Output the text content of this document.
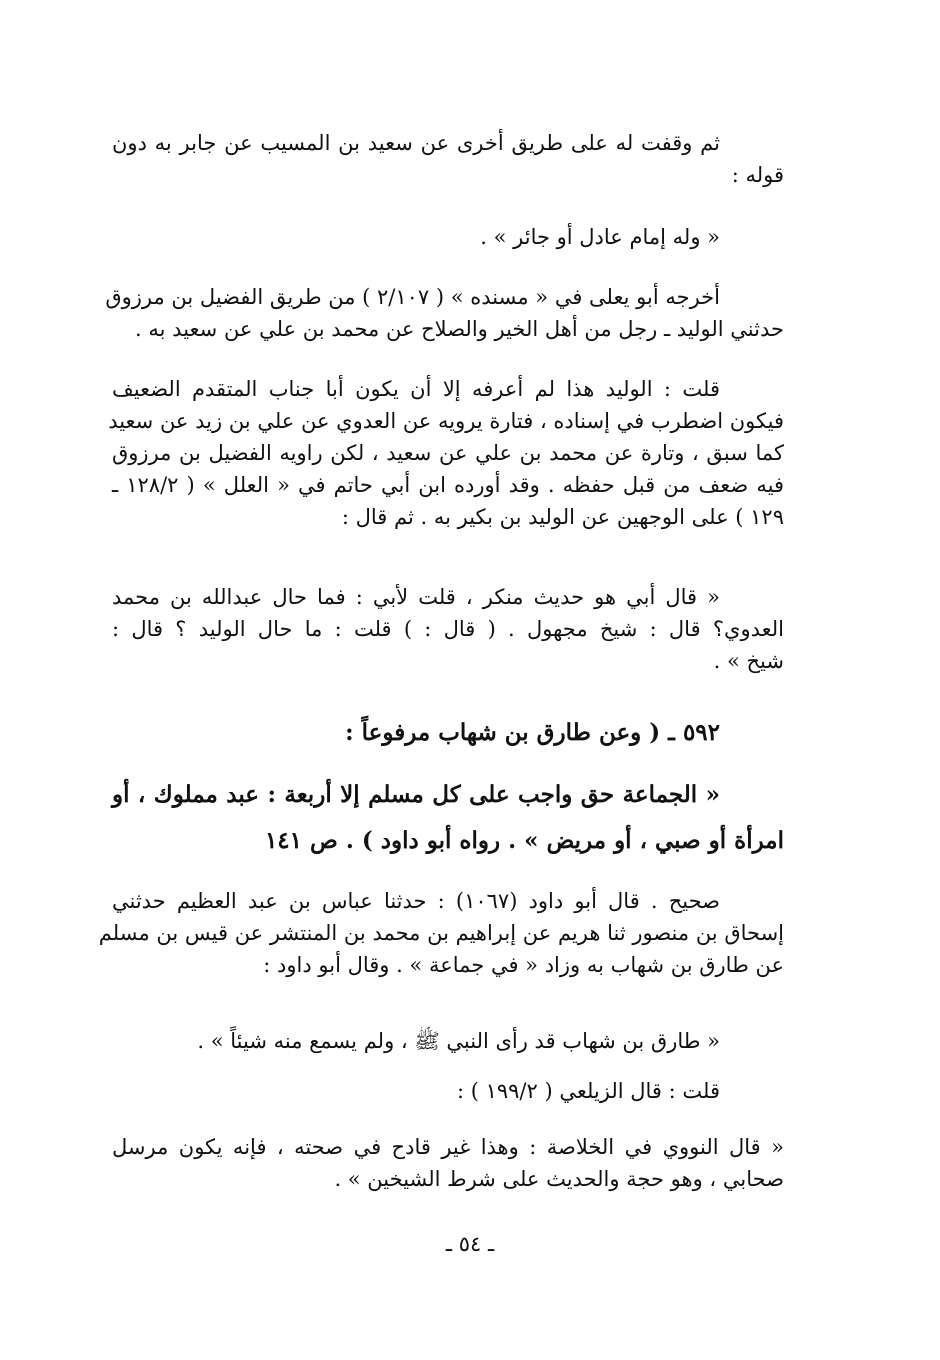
ثم وقفت له على طريق أخرى عن سعيد بن المسيب عن جابر به دون
قوله :
« وله إمام عادل أو جائر » .
أخرجه أبو يعلى في « مسنده » ( ٢/١٠٧ ) من طريق الفضيل بن مرزوق
حدثني الوليد ـ رجل من أهل الخير والصلاح عن محمد بن علي عن سعيد به .
قلت : الوليد هذا لم أعرفه إلا أن يكون أبا جناب المتقدم الضعيف
فيكون اضطرب في إسناده ، فتارة يرويه عن العدوي عن علي بن زيد عن سعيد
كما سبق ، وتارة عن محمد بن علي عن سعيد ، لكن راويه الفضيل بن مرزوق
فيه ضعف من قبل حفظه . وقد أورده ابن أبي حاتم في « العلل » ( ١٢٨/٢ ـ
١٢٩ ) على الوجهين عن الوليد بن بكير به . ثم قال :
« قال أبي هو حديث منكر ، قلت لأبي : فما حال عبدالله بن محمد
العدوي؟ قال : شيخ مجهول . ( قال : ) قلت : ما حال الوليد ؟ قال :
شيخ » .
٥٩٢ ـ ( وعن طارق بن شهاب مرفوعاً :
« الجماعة حق واجب على كل مسلم إلا أربعة : عبد مملوك ، أو
امرأة أو صبي ، أو مريض » . رواه أبو داود ) . ص ١٤١
صحيح . قال أبو داود (١٠٦٧) : حدثنا عباس بن عبد العظيم حدثني
إسحاق بن منصور ثنا هريم عن إبراهيم بن محمد بن المنتشر عن قيس بن مسلم
عن طارق بن شهاب به وزاد « في جماعة » . وقال أبو داود :
« طارق بن شهاب قد رأى النبي ﷺ ، ولم يسمع منه شيئاً » .
قلت : قال الزيلعي ( ١٩٩/٢ ) :
« قال النووي في الخلاصة : وهذا غير قادح في صحته ، فإنه يكون مرسل
صحابي ، وهو حجة والحديث على شرط الشيخين » .
ـ ٥٤ ـ
